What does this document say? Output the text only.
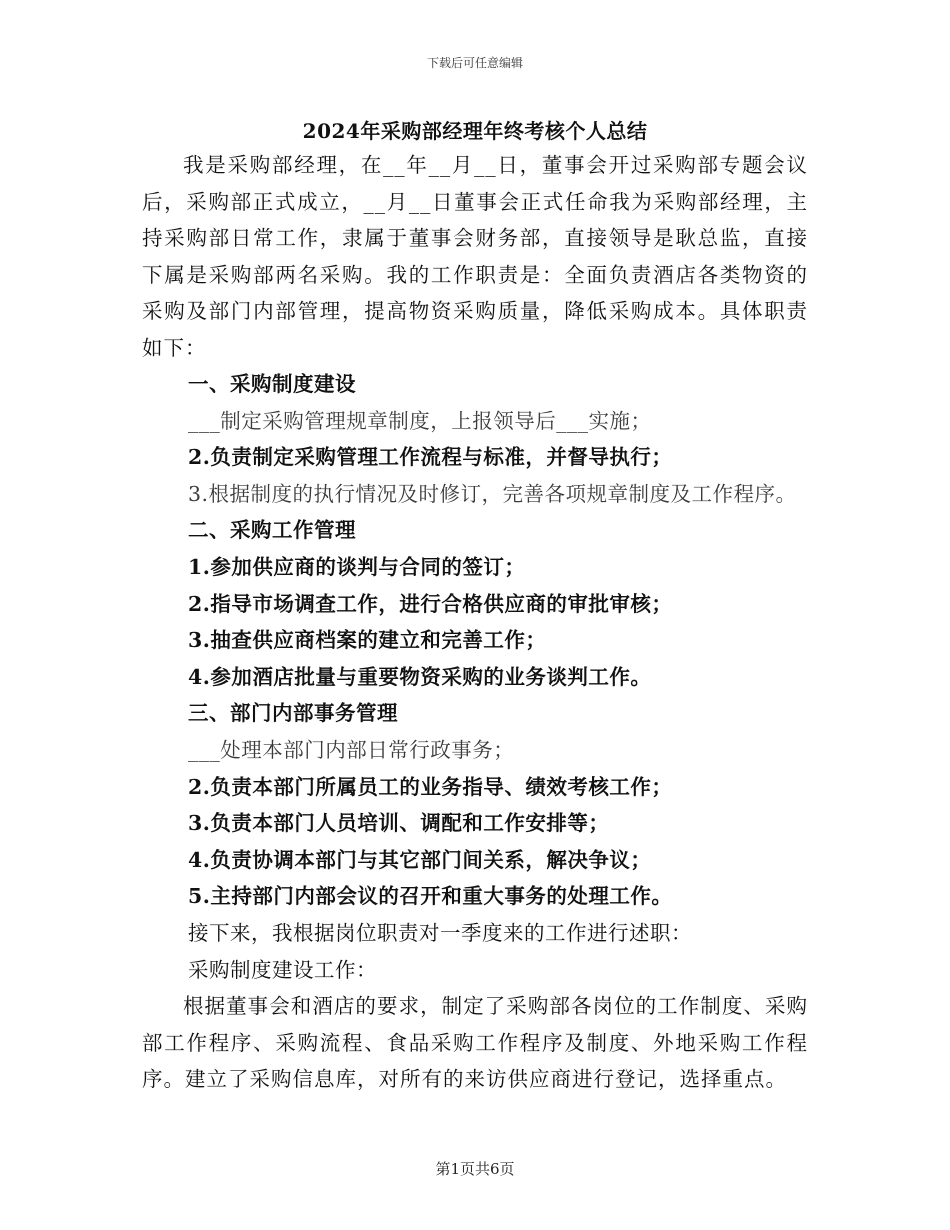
下载后可任意编辑
2024年采购部经理年终考核个人总结

我是采购部经理，在__年__月__日，董事会开过采购部专题会议后，采购部正式成立，__月__日董事会正式任命我为采购部经理，主持采购部日常工作，隶属于董事会财务部，直接领导是耿总监，直接下属是采购部两名采购。我的工作职责是：全面负责酒店各类物资的采购及部门内部管理，提高物资采购质量，降低采购成本。具体职责如下：

一、采购制度建设

___制定采购管理规章制度，上报领导后___实施；

2.负责制定采购管理工作流程与标准，并督导执行；

3.根据制度的执行情况及时修订，完善各项规章制度及工作程序。

二、采购工作管理

1.参加供应商的谈判与合同的签订；

2.指导市场调查工作，进行合格供应商的审批审核；

3.抽查供应商档案的建立和完善工作；

4.参加酒店批量与重要物资采购的业务谈判工作。

三、部门内部事务管理

___处理本部门内部日常行政事务；

2.负责本部门所属员工的业务指导、绩效考核工作；

3.负责本部门人员培训、调配和工作安排等；

4.负责协调本部门与其它部门间关系，解决争议；

5.主持部门内部会议的召开和重大事务的处理工作。

接下来，我根据岗位职责对一季度来的工作进行述职：

采购制度建设工作：

根据董事会和酒店的要求，制定了采购部各岗位的工作制度、采购部工作程序、采购流程、食品采购工作程序及制度、外地采购工作程序。建立了采购信息库，对所有的来访供应商进行登记，选择重点。

第1页共6页
